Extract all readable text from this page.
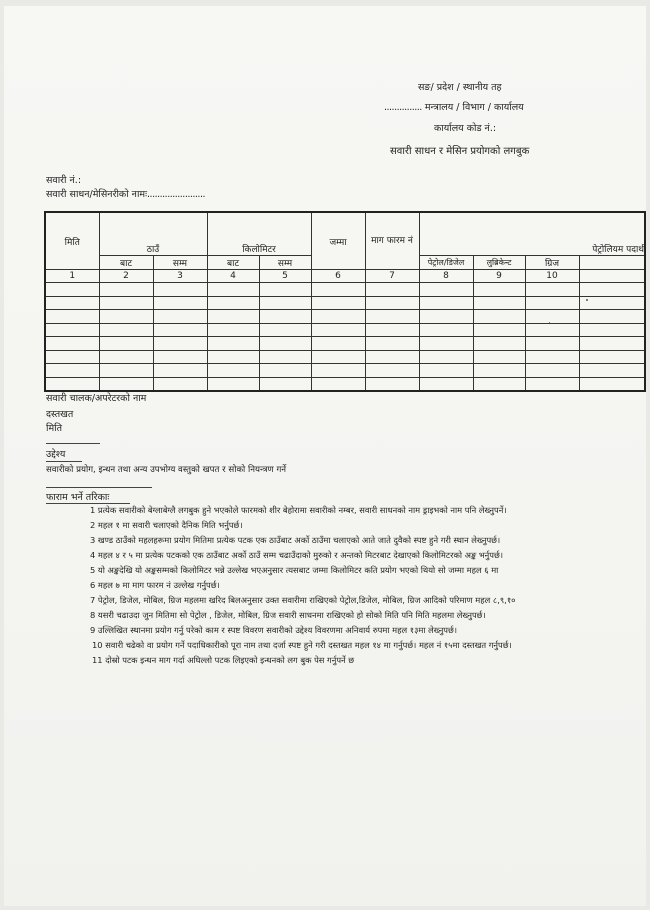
सङ/ प्रदेश / स्थानीय तह
............... मन्त्रालय / विभाग / कार्यालय
कार्यालय कोड नं.:
सवारी साधन र मेसिन प्रयोगको लगबुक
सवारी नं.:
सवारी साधन/मेसिनरीको नामः.......................
मिति	ठाउँ		किलोमिटर		जम्मा	माग फारम नं	पेट्रोलियम पदार्थ			
	बाट	सम्म	बाट	सम्म			पेट्रोल/डिजेल	लुब्रिकेन्ट	ग्रिज	
1	2	3	4	5	6	7	8	9	10	

सवारी चालक/अपरेटरको नाम
दस्तखत
मिति
उद्देश्य
सवारीको प्रयोग, इन्धन तथा अन्य उपभोग्य वस्तुको खपत र सोको नियन्त्रण गर्ने
फाराम भर्ने तरिकाः
1 प्रत्येक सवारीको बेग्लाबेग्लै लगबुक हुने भएकोले फारमको शीर बेहोरामा सवारीको नम्बर, सवारी साधनको नाम ड्राइभको नाम पनि लेख्नुपर्ने।
2 महल १ मा सवारी चलाएको दैनिक मिति भर्नुपर्छ।
3 खण्ड ठाउँको महलहरूमा प्रयोग मितिमा प्रत्येक पटक एक ठाउँबाट अर्को ठाउँमा चलाएको आते जाते दुवैको स्पष्ट हुने गरी स्थान लेख्नुपर्छ।
4 महल ४ र ५ मा प्रत्येक पटकको एक ठाउँबाट अर्को ठाउँ सम्म चढाउँदाको मुरुको र अन्तको मिटरबाट देखाएको किलोमिटरको अङ्क भर्नुपर्छ।
5 यो अङ्कदेखि यो अङ्कसम्मको किलोमिटर भन्ने उल्लेख भएअनुसार त्यसबाट जम्मा किलोमिटर कति प्रयोग भएको थियो सो जम्मा महल ६ मा
6 महल ७ मा माग फारम नं उल्लेख गर्नुपर्छ।
7 पेट्रोल, डिजेल, मोबिल, ग्रिज महलमा खरिद बिलअनुसार उक्त सवारीमा राखिएको पेट्रोल,डिजेल, मोबिल, ग्रिज आदिको परिमाण महल ८,९,१०
8 यसरी चढाउदा जुन मितिमा सो पेट्रोल , डिजेल, मोबिल, ग्रिज सवारी साधनमा राखिएको हो सोको मिति पनि मिति महलमा लेख्नुपर्छ।
9 उल्लिखित स्थानमा प्रयोग गर्नु परेको काम र स्पष्ट विवरण सवारीको उद्देश्य विवरणमा अनिवार्य रुपमा महल १३मा लेख्नुपर्छ।
10 सवारी चढेको वा प्रयोग गर्ने पदाधिकारीको पूरा नाम तथा दर्जा स्पष्ट हुने गरी दस्तखत महल १४ मा गर्नुपर्छ। महल नं १५मा दस्तखत गर्नुपर्छ।
11 दोस्रो पटक इन्धन माग गर्दा अघिल्लो पटक लिइएको इन्धनको लग बुक पेस गर्नुपर्ने छ
